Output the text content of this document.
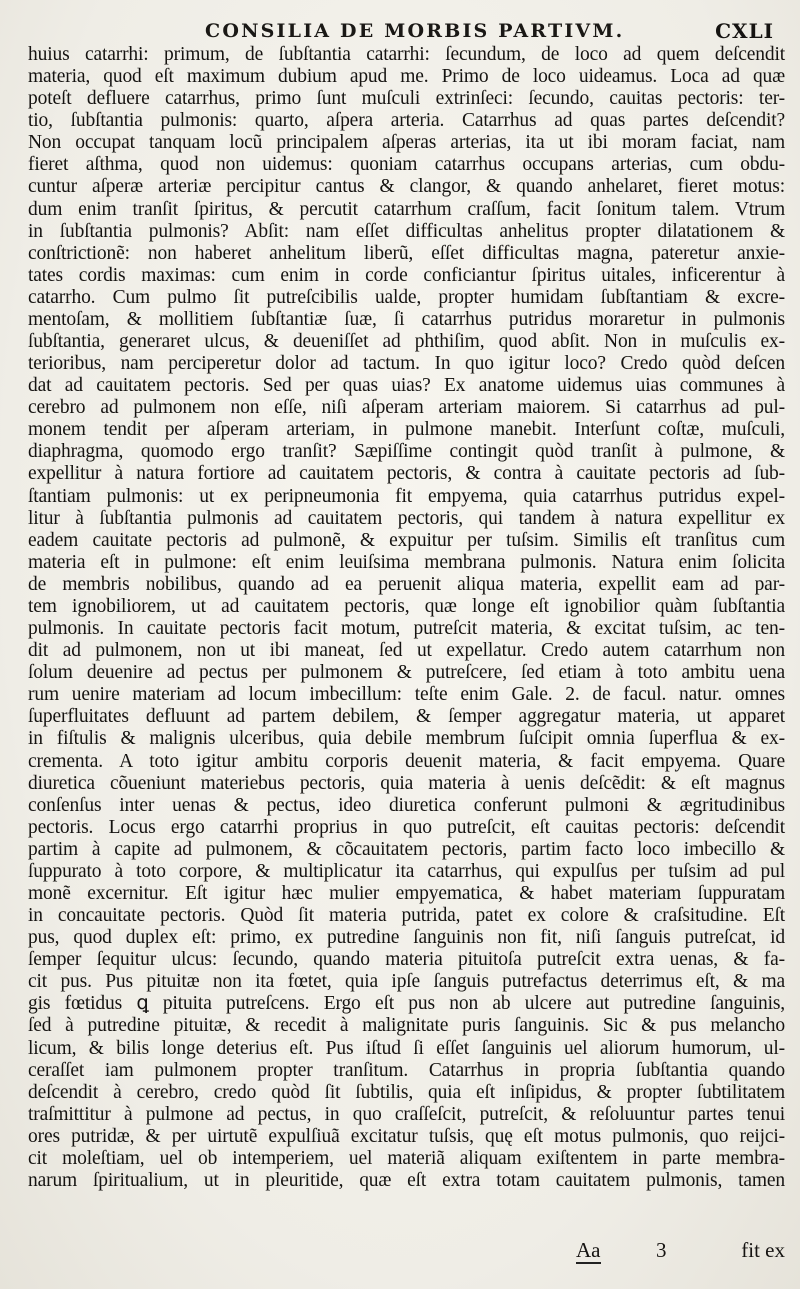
CONSILIA DE MORBIS PARTIVM.	CXLI
huius catarrhi: primum, de ſubſtantia catarrhi: ſecundum, de loco ad quem deſcendit
materia, quod eſt maximum dubium apud me. Primo de loco uideamus. Loca ad quæ
poteſt defluere catarrhus, primo ſunt muſculi extrinſeci: ſecundo, cauitas pectoris: ter-
tio, ſubſtantia pulmonis: quarto, aſpera arteria. Catarrhus ad quas partes deſcendit?
Non occupat tanquam locũ principalem aſperas arterias, ita ut ibi moram faciat, nam
fieret aſthma, quod non uidemus: quoniam catarrhus occupans arterias, cum obdu-
cuntur aſperæ arteriæ percipitur cantus & clangor, & quando anhelaret, fieret motus:
dum enim tranſit ſpiritus, & percutit catarrhum craſſum, facit ſonitum talem. Vtrum
in ſubſtantia pulmonis? Abſit: nam eſſet difficultas anhelitus propter dilatationem &
conſtrictionẽ: non haberet anhelitum liberũ, eſſet difficultas magna, pateretur anxie-
tates cordis maximas: cum enim in corde conficiantur ſpiritus uitales, inficerentur à
catarrho. Cum pulmo ſit putreſcibilis ualde, propter humidam ſubſtantiam & excre-
mentoſam, & mollitiem ſubſtantiæ ſuæ, ſi catarrhus putridus moraretur in pulmonis
ſubſtantia, generaret ulcus, & deueniſſet ad phthiſim, quod abſit. Non in muſculis ex-
terioribus, nam perciperetur dolor ad tactum. In quo igitur loco? Credo quòd deſcen
dat ad cauitatem pectoris. Sed per quas uias? Ex anatome uidemus uias communes à
cerebro ad pulmonem non eſſe, niſi aſperam arteriam maiorem. Si catarrhus ad pul-
monem tendit per aſperam arteriam, in pulmone manebit. Interſunt coſtæ, muſculi,
diaphragma, quomodo ergo tranſit? Sæpiſſime contingit quòd tranſit à pulmone, &
expellitur à natura fortiore ad cauitatem pectoris, & contra à cauitate pectoris ad ſub-
ſtantiam pulmonis: ut ex peripneumonia fit empyema, quia catarrhus putridus expel-
litur à ſubſtantia pulmonis ad cauitatem pectoris, qui tandem à natura expellitur ex
eadem cauitate pectoris ad pulmonẽ, & expuitur per tuſsim. Similis eſt tranſitus cum
materia eſt in pulmone: eſt enim leuiſsima membrana pulmonis. Natura enim ſolicita
de membris nobilibus, quando ad ea peruenit aliqua materia, expellit eam ad par-
tem ignobiliorem, ut ad cauitatem pectoris, quæ longe eſt ignobilior quàm ſubſtantia
pulmonis. In cauitate pectoris facit motum, putreſcit materia, & excitat tuſsim, ac ten-
dit ad pulmonem, non ut ibi maneat, ſed ut expellatur. Credo autem catarrhum non
ſolum deuenire ad pectus per pulmonem & putreſcere, ſed etiam à toto ambitu uena
rum uenire materiam ad locum imbecillum: teſte enim Gale. 2. de facul. natur. omnes
ſuperfluitates defluunt ad partem debilem, & ſemper aggregatur materia, ut apparet
in fiſtulis & malignis ulceribus, quia debile membrum ſuſcipit omnia ſuperflua & ex-
crementa. A toto igitur ambitu corporis deuenit materia, & facit empyema. Quare
diuretica cõueniunt materiebus pectoris, quia materia à uenis deſcẽdit: & eſt magnus
conſenſus inter uenas & pectus, ideo diuretica conferunt pulmoni & ægritudinibus
pectoris. Locus ergo catarrhi proprius in quo putreſcit, eſt cauitas pectoris: deſcendit
partim à capite ad pulmonem, & cõcauitatem pectoris, partim facto loco imbecillo &
ſuppurato à toto corpore, & multiplicatur ita catarrhus, qui expulſus per tuſsim ad pul
monẽ excernitur. Eſt igitur hæc mulier empyematica, & habet materiam ſuppuratam
in concauitate pectoris. Quòd ſit materia putrida, patet ex colore & craſsitudine. Eſt
pus, quod duplex eſt: primo, ex putredine ſanguinis non fit, niſi ſanguis putreſcat, id
ſemper ſequitur ulcus: ſecundo, quando materia pituitoſa putreſcit extra uenas, & fa-
cit pus. Pus pituitæ non ita fœtet, quia ipſe ſanguis putrefactus deterrimus eſt, & ma
gis fœtidus ꝗ pituita putreſcens. Ergo eſt pus non ab ulcere aut putredine ſanguinis,
ſed à putredine pituitæ, & recedit à malignitate puris ſanguinis. Sic & pus melancho
licum, & bilis longe deterius eſt. Pus iſtud ſi eſſet ſanguinis uel aliorum humorum, ul-
ceraſſet iam pulmonem propter tranſitum. Catarrhus in propria ſubſtantia quando
deſcendit à cerebro, credo quòd ſit ſubtilis, quia eſt inſipidus, & propter ſubtilitatem
traſmittitur à pulmone ad pectus, in quo craſſeſcit, putreſcit, & reſoluuntur partes tenui
ores putridæ, & per uirtutẽ expulſiuã excitatur tuſsis, quę eſt motus pulmonis, quo reijci-
cit moleſtiam, uel ob intemperiem, uel materiã aliquam exiſtentem in parte membra-
narum ſpiritualium, ut in pleuritide, quæ eſt extra totam cauitatem pulmonis, tamen
Aa	3	fit ex
